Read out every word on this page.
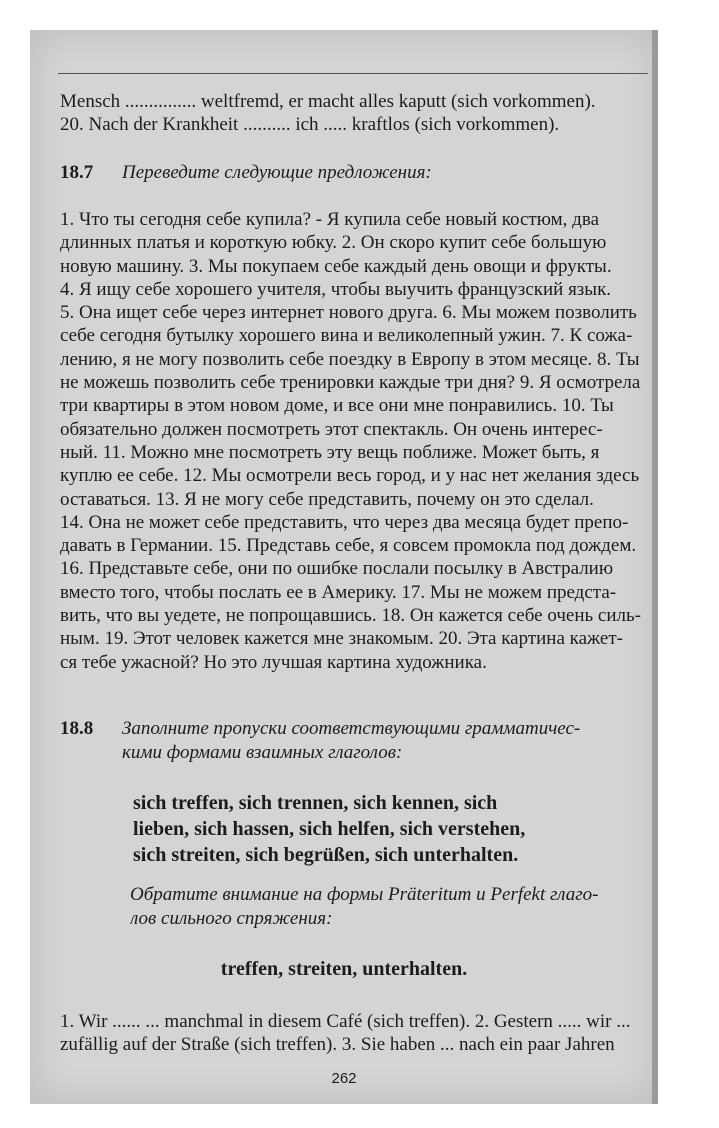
Mensch ............... weltfremd, er macht alles kaputt (sich vorkommen).
20. Nach der Krankheit .......... ich ..... kraftlos (sich vorkommen).
18.7 Переведите следующие предложения:
1. Что ты сегодня себе купила? - Я купила себе новый костюм, два
длинных платья и короткую юбку. 2. Он скоро купит себе большую
новую машину. 3. Мы покупаем себе каждый день овощи и фрукты.
4. Я ищу себе хорошего учителя, чтобы выучить французский язык.
5. Она ищет себе через интернет нового друга. 6. Мы можем позволить
себе сегодня бутылку хорошего вина и великолепный ужин. 7. К сожа-
лению, я не могу позволить себе поездку в Европу в этом месяце. 8. Ты
не можешь позволить себе тренировки каждые три дня? 9. Я осмотрела
три квартиры в этом новом доме, и все они мне понравились. 10. Ты
обязательно должен посмотреть этот спектакль. Он очень интерес-
ный. 11. Можно мне посмотреть эту вещь поближе. Может быть, я
куплю ее себе. 12. Мы осмотрели весь город, и у нас нет желания здесь
оставаться. 13. Я не могу себе представить, почему он это сделал.
14. Она не может себе представить, что через два месяца будет препо-
давать в Германии. 15. Представь себе, я совсем промокла под дождем.
16. Представьте себе, они по ошибке послали посылку в Австралию
вместо того, чтобы послать ее в Америку. 17. Мы не можем предста-
вить, что вы уедете, не попрощавшись. 18. Он кажется себе очень силь-
ным. 19. Этот человек кажется мне знакомым. 20. Эта картина кажет-
ся тебе ужасной? Но это лучшая картина художника.
18.8 Заполните пропуски соответствующими грамматичес-
кими формами взаимных глаголов:
sich treffen, sich trennen, sich kennen, sich
lieben, sich hassen, sich helfen, sich verstehen,
sich streiten, sich begrüßen, sich unterhalten.
Обратите внимание на формы Präteritum и Perfekt глаго-
лов сильного спряжения:
treffen, streiten, unterhalten.
1. Wir ...... ... manchmal in diesem Café (sich treffen). 2. Gestern ..... wir ...
zufällig auf der Straße (sich treffen). 3. Sie haben ... nach ein paar Jahren
262
